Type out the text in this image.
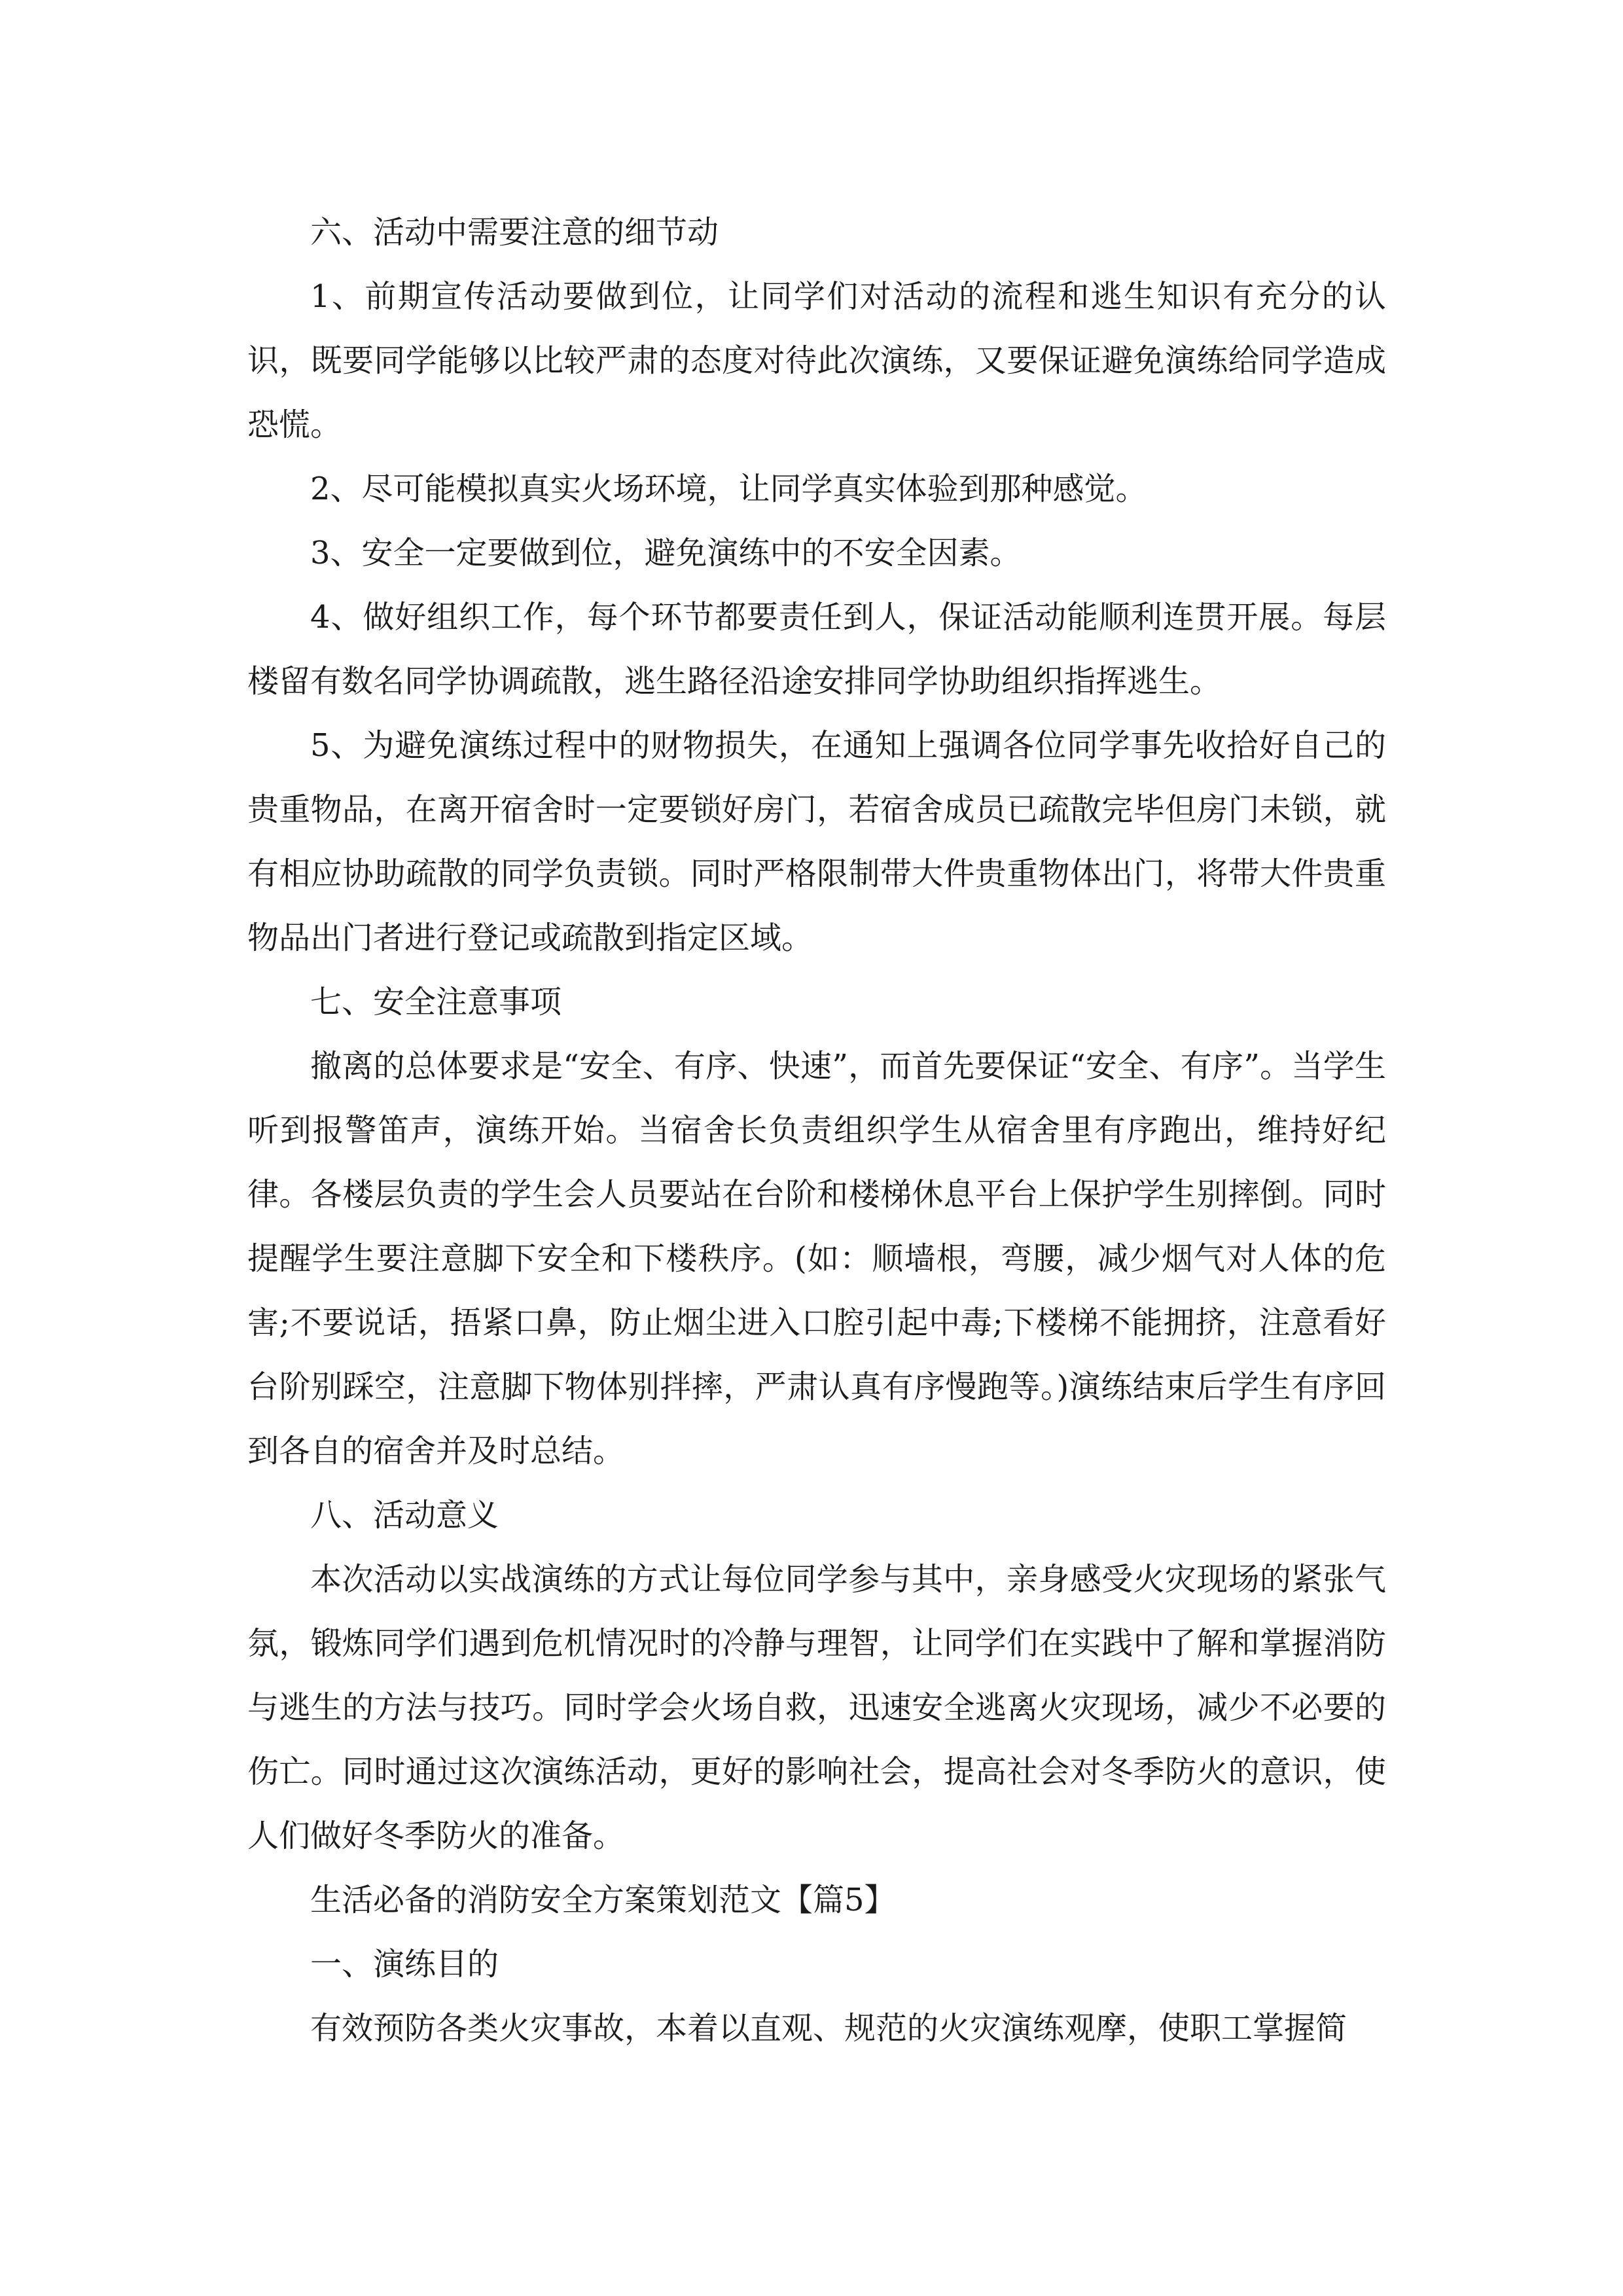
六、活动中需要注意的细节动

1、前期宣传活动要做到位，让同学们对活动的流程和逃生知识有充分的认识，既要同学能够以比较严肃的态度对待此次演练，又要保证避免演练给同学造成恐慌。

2、尽可能模拟真实火场环境，让同学真实体验到那种感觉。

3、安全一定要做到位，避免演练中的不安全因素。

4、做好组织工作，每个环节都要责任到人，保证活动能顺利连贯开展。每层楼留有数名同学协调疏散，逃生路径沿途安排同学协助组织指挥逃生。

5、为避免演练过程中的财物损失，在通知上强调各位同学事先收拾好自己的贵重物品，在离开宿舍时一定要锁好房门，若宿舍成员已疏散完毕但房门未锁，就有相应协助疏散的同学负责锁。同时严格限制带大件贵重物体出门，将带大件贵重物品出门者进行登记或疏散到指定区域。

七、安全注意事项

撤离的总体要求是“安全、有序、快速”，而首先要保证“安全、有序”。当学生听到报警笛声，演练开始。当宿舍长负责组织学生从宿舍里有序跑出，维持好纪律。各楼层负责的学生会人员要站在台阶和楼梯休息平台上保护学生别摔倒。同时提醒学生要注意脚下安全和下楼秩序。(如：顺墙根，弯腰，减少烟气对人体的危害;不要说话，捂紧口鼻，防止烟尘进入口腔引起中毒;下楼梯不能拥挤，注意看好台阶别踩空，注意脚下物体别拌摔，严肃认真有序慢跑等。)演练结束后学生有序回到各自的宿舍并及时总结。

八、活动意义

本次活动以实战演练的方式让每位同学参与其中，亲身感受火灾现场的紧张气氛，锻炼同学们遇到危机情况时的冷静与理智，让同学们在实践中了解和掌握消防与逃生的方法与技巧。同时学会火场自救，迅速安全逃离火灾现场，减少不必要的伤亡。同时通过这次演练活动，更好的影响社会，提高社会对冬季防火的意识，使人们做好冬季防火的准备。

生活必备的消防安全方案策划范文【篇5】

一、演练目的

有效预防各类火灾事故，本着以直观、规范的火灾演练观摩，使职工掌握简
